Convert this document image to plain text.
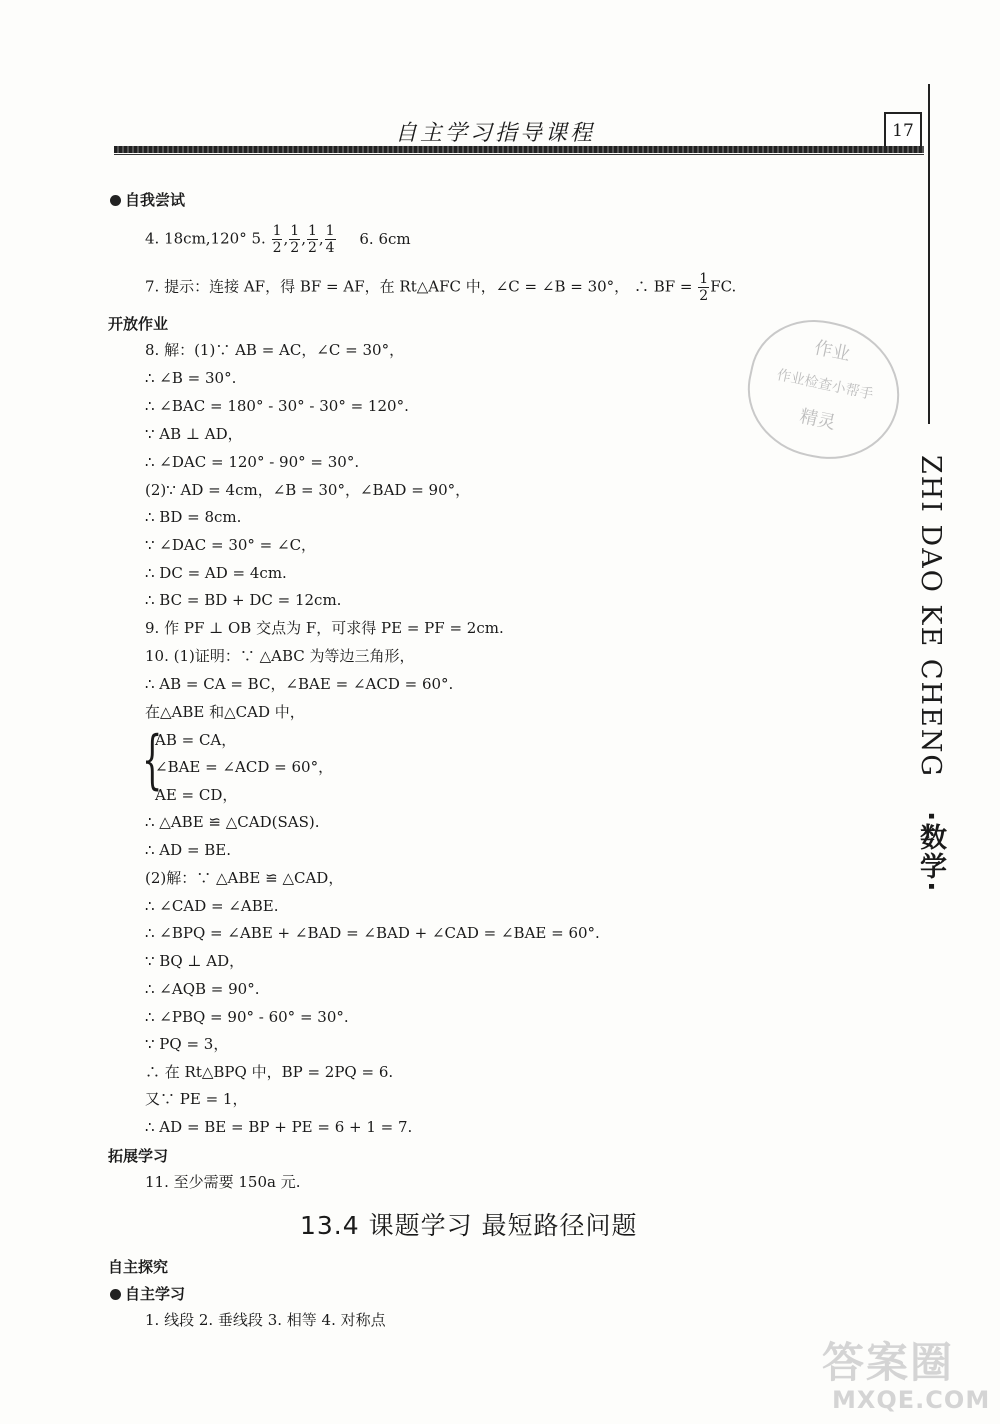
自主学习指导课程	17
ZHI DAO KE CHENG ·数学·
作业
作业检查小帮手
精灵
自我尝试
4. 18cm,120° 5. $\frac{1}{2}$ , $\frac{1}{2}$ , $\frac{1}{2}$ , $\frac{1}{4} 6$. 6cm
7. 提示：连接 AF，得 BF = AF，在 Rt△AFC 中，∠C = ∠B = 30°， ∴ BF = $\frac{1}{2}$ FC.
开放作业
8. 解：(1)∵ AB = AC，∠C = 30°，
∴ ∠B = 30°.
∴ ∠BAC = 180° - 30° - 30° = 120°.
∵ AB ⊥ AD，
∴ ∠DAC = 120° - 90° = 30°.
(2)∵ AD = 4cm，∠B = 30°，∠BAD = 90°，
∴ BD = 8cm.
∵ ∠DAC = 30° = ∠C，
∴ DC = AD = 4cm.
∴ BC = BD + DC = 12cm.
9. 作 PF ⊥ OB 交点为 F，可求得 PE = PF = 2cm.
10. (1)证明：∵ △ABC 为等边三角形，
∴ AB = CA = BC，∠BAE = ∠ACD = 60°.
在△ABE 和△CAD 中，
{
AB = CA，
∠BAE = ∠ACD = 60°，
AE = CD，
∴ △ABE ≌ △CAD(SAS).
∴ AD = BE.
(2)解：∵ △ABE ≌ △CAD，
∴ ∠CAD = ∠ABE.
∴ ∠BPQ = ∠ABE + ∠BAD = ∠BAD + ∠CAD = ∠BAE = 60°.
∵ BQ ⊥ AD，
∴ ∠AQB = 90°.
∴ ∠PBQ = 90° - 60° = 30°.
∵ PQ = 3，
∴ 在 Rt△BPQ 中，BP = 2PQ = 6.
又∵ PE = 1，
∴ AD = BE = BP + PE = 6 + 1 = 7.
拓展学习
11. 至少需要 150a 元.
13.4 课题学习 最短路径问题
自主探究
自主学习
1. 线段 2. 垂线段 3. 相等 4. 对称点
答案圈
MXQE.COM
